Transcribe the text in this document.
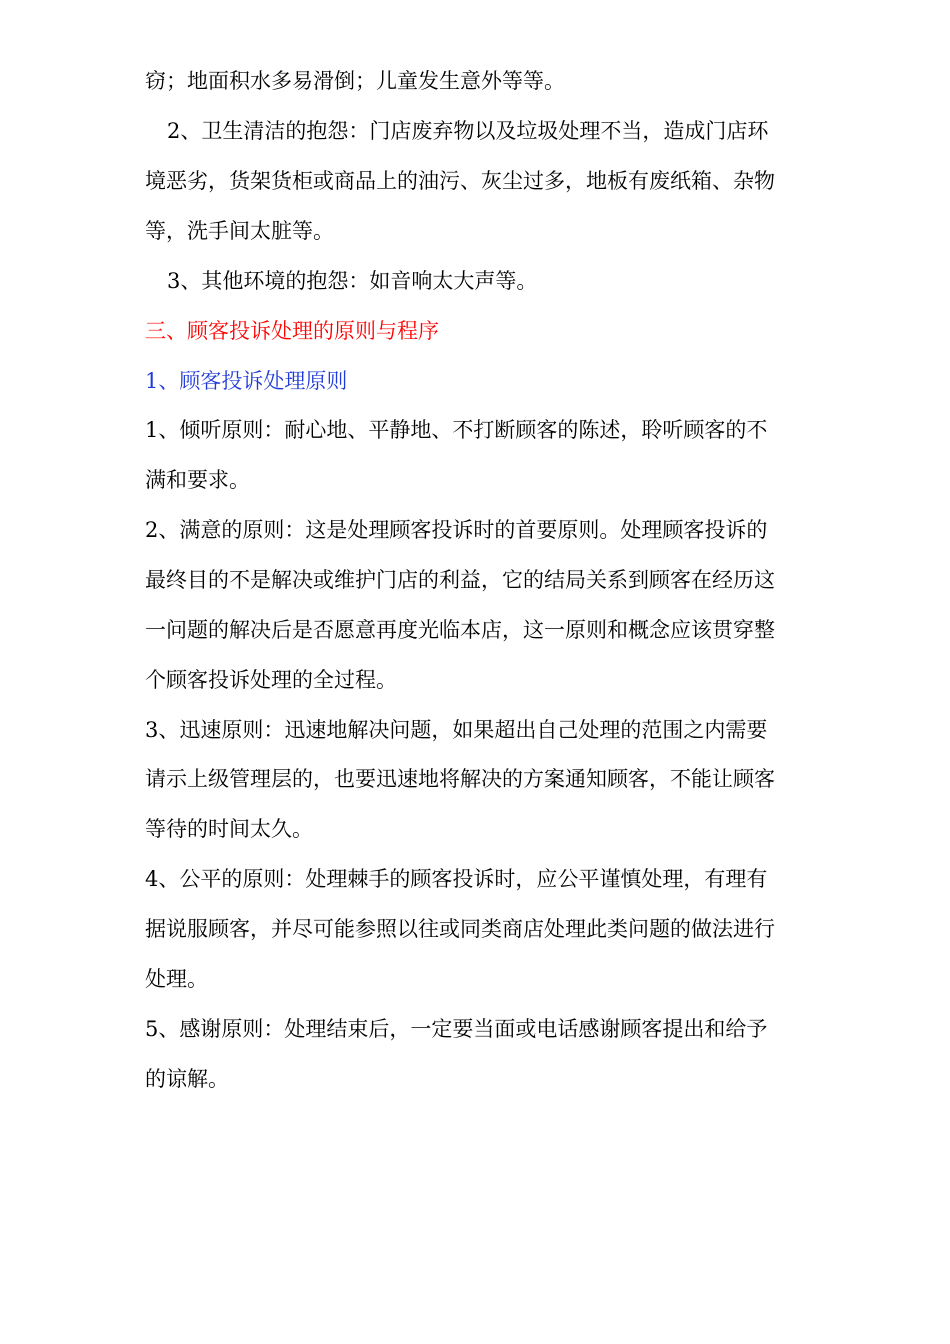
窃；地面积水多易滑倒；儿童发生意外等等。
2、卫生清洁的抱怨：门店废弃物以及垃圾处理不当，造成门店环
境恶劣，货架货柜或商品上的油污、灰尘过多，地板有废纸箱、杂物
等，洗手间太脏等。
3、其他环境的抱怨：如音响太大声等。
三、顾客投诉处理的原则与程序
1、顾客投诉处理原则
1、倾听原则：耐心地、平静地、不打断顾客的陈述，聆听顾客的不
满和要求。
2、满意的原则：这是处理顾客投诉时的首要原则。处理顾客投诉的
最终目的不是解决或维护门店的利益，它的结局关系到顾客在经历这
一问题的解决后是否愿意再度光临本店，这一原则和概念应该贯穿整
个顾客投诉处理的全过程。
3、迅速原则：迅速地解决问题，如果超出自己处理的范围之内需要
请示上级管理层的，也要迅速地将解决的方案通知顾客，不能让顾客
等待的时间太久。
4、公平的原则：处理棘手的顾客投诉时，应公平谨慎处理，有理有
据说服顾客，并尽可能参照以往或同类商店处理此类问题的做法进行
处理。
5、感谢原则：处理结束后，一定要当面或电话感谢顾客提出和给予
的谅解。
